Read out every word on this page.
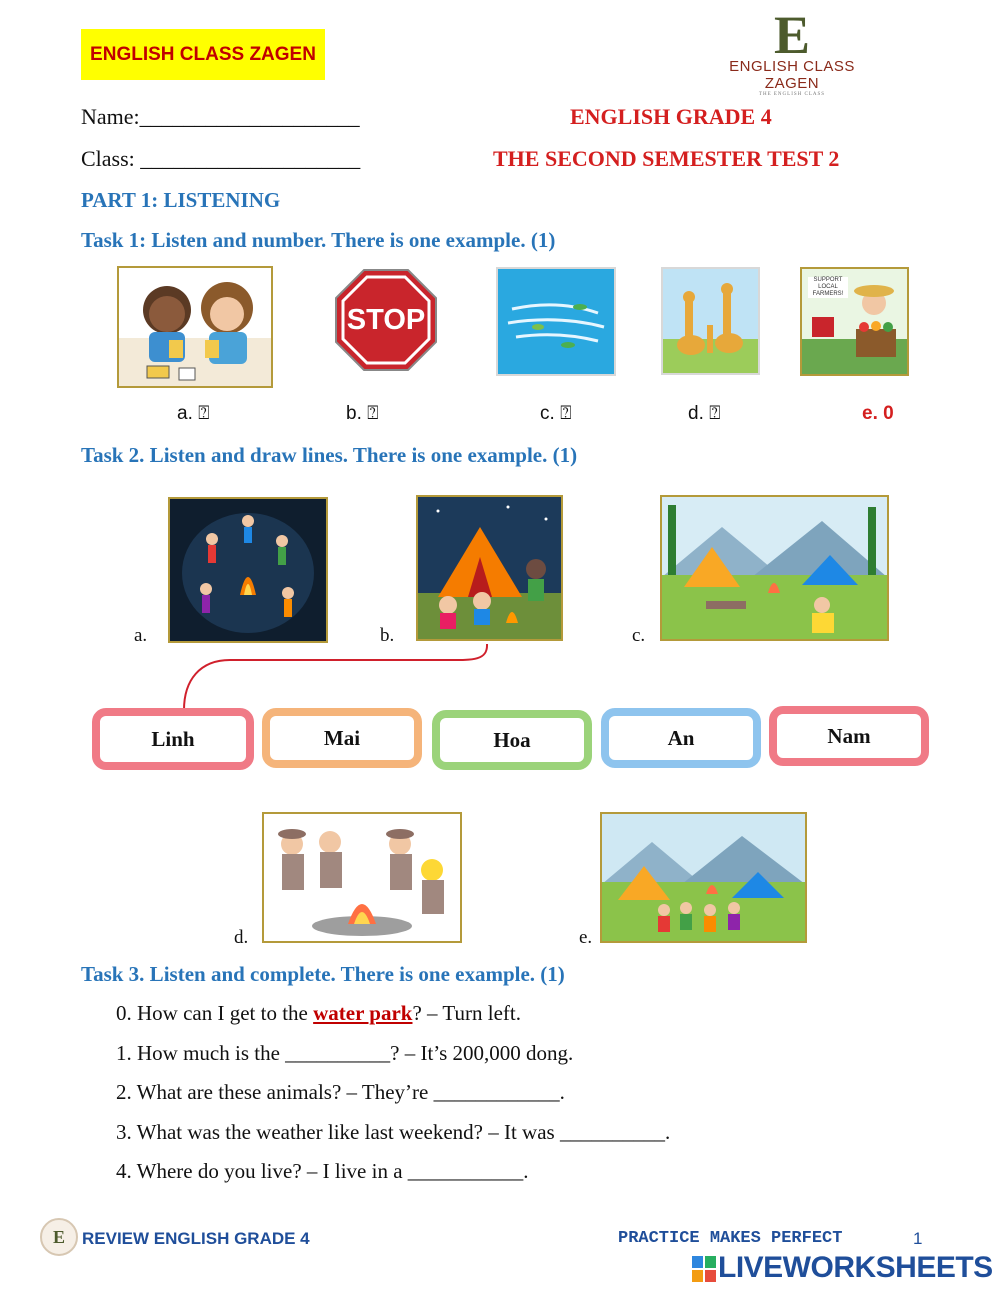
ENGLISH CLASS ZAGEN	E
ENGLISH CLASS ZAGEN
THE ENGLISH CLASS
Name:____________________
Class: ____________________
ENGLISH GRADE 4
THE SECOND SEMESTER TEST 2
PART 1: LISTENING
Task 1: Listen and number. There is one example. (1)
STOP
SUPPORT LOCAL FARMERS!
a. ⍰	b. ⍰	c. ⍰	d. ⍰	e. 0
Task 2. Listen and draw lines. There is one example. (1)
a.	b.	c.
Linh	Mai	Hoa	An	Nam
d.	e.
Task 3. Listen and complete. There is one example. (1)
0. How can I get to the water park? – Turn left.
1. How much is the __________? – It’s 200,000 dong.
2. What are these animals? – They’re ____________.
3. What was the weather like last weekend? – It was __________.
4. Where do you live? – I live in a ___________.
E	REVIEW ENGLISH GRADE 4	PRACTICE MAKES PERFECT	1
LIVEWORKSHEETS
